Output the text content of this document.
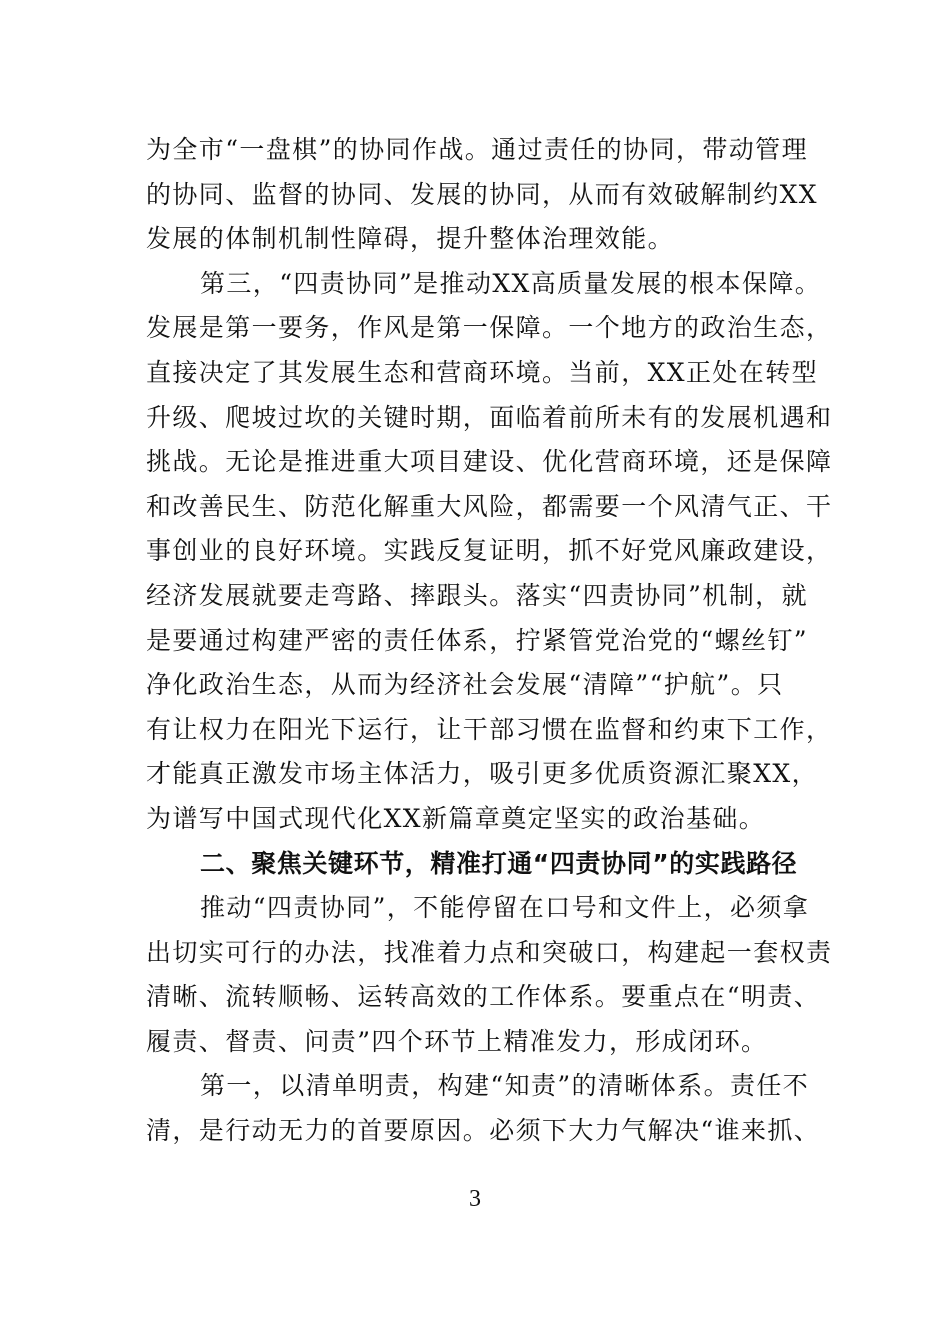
为全市“一盘棋”的协同作战。通过责任的协同，带动管理
的协同、监督的协同、发展的协同，从而有效破解制约XX
发展的体制机制性障碍，提升整体治理效能。
第三，“四责协同”是推动XX高质量发展的根本保障。
发展是第一要务，作风是第一保障。一个地方的政治生态，
直接决定了其发展生态和营商环境。当前，XX正处在转型
升级、爬坡过坎的关键时期，面临着前所未有的发展机遇和
挑战。无论是推进重大项目建设、优化营商环境，还是保障
和改善民生、防范化解重大风险，都需要一个风清气正、干
事创业的良好环境。实践反复证明，抓不好党风廉政建设，
经济发展就要走弯路、摔跟头。落实“四责协同”机制，就
是要通过构建严密的责任体系，拧紧管党治党的“螺丝钉”
净化政治生态，从而为经济社会发展“清障”“护航”。只
有让权力在阳光下运行，让干部习惯在监督和约束下工作，
才能真正激发市场主体活力，吸引更多优质资源汇聚XX，
为谱写中国式现代化XX新篇章奠定坚实的政治基础。
二、聚焦关键环节，精准打通“四责协同”的实践路径
推动“四责协同”，不能停留在口号和文件上，必须拿
出切实可行的办法，找准着力点和突破口，构建起一套权责
清晰、流转顺畅、运转高效的工作体系。要重点在“明责、
履责、督责、问责”四个环节上精准发力，形成闭环。
第一，以清单明责，构建“知责”的清晰体系。责任不
清，是行动无力的首要原因。必须下大力气解决“谁来抓、
3
